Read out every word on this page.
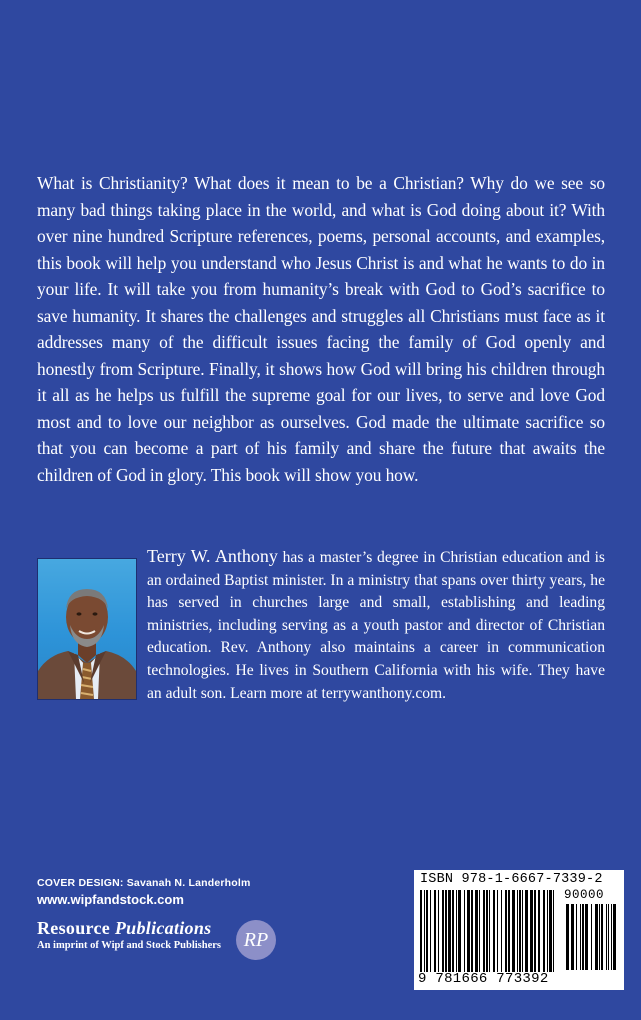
What is Christianity? What does it mean to be a Christian? Why do we see so many bad things taking place in the world, and what is God doing about it? With over nine hundred Scripture references, poems, personal accounts, and examples, this book will help you understand who Jesus Christ is and what he wants to do in your life. It will take you from humanity’s break with God to God’s sacrifice to save humanity. It shares the challenges and struggles all Christians must face as it addresses many of the difficult issues facing the family of God openly and honestly from Scripture. Finally, it shows how God will bring his children through it all as he helps us fulfill the supreme goal for our lives, to serve and love God most and to love our neighbor as ourselves. God made the ultimate sacrifice so that you can become a part of his family and share the future that awaits the children of God in glory. This book will show you how.

Terry W. Anthony has a master’s degree in Christian education and is an ordained Baptist minister. In a ministry that spans over thirty years, he has served in churches large and small, establishing and leading ministries, including serving as a youth pastor and director of Christian education. Rev. Anthony also maintains a career in communication technologies. He lives in Southern California with his wife. They have an adult son. Learn more at terrywanthony.com.

COVER DESIGN: Savanah N. Landerholm
www.wipfandstock.com
Resource Publications
An imprint of Wipf and Stock Publishers	RP
ISBN 978-1-6667-7339-2
90000
9 781666 773392
